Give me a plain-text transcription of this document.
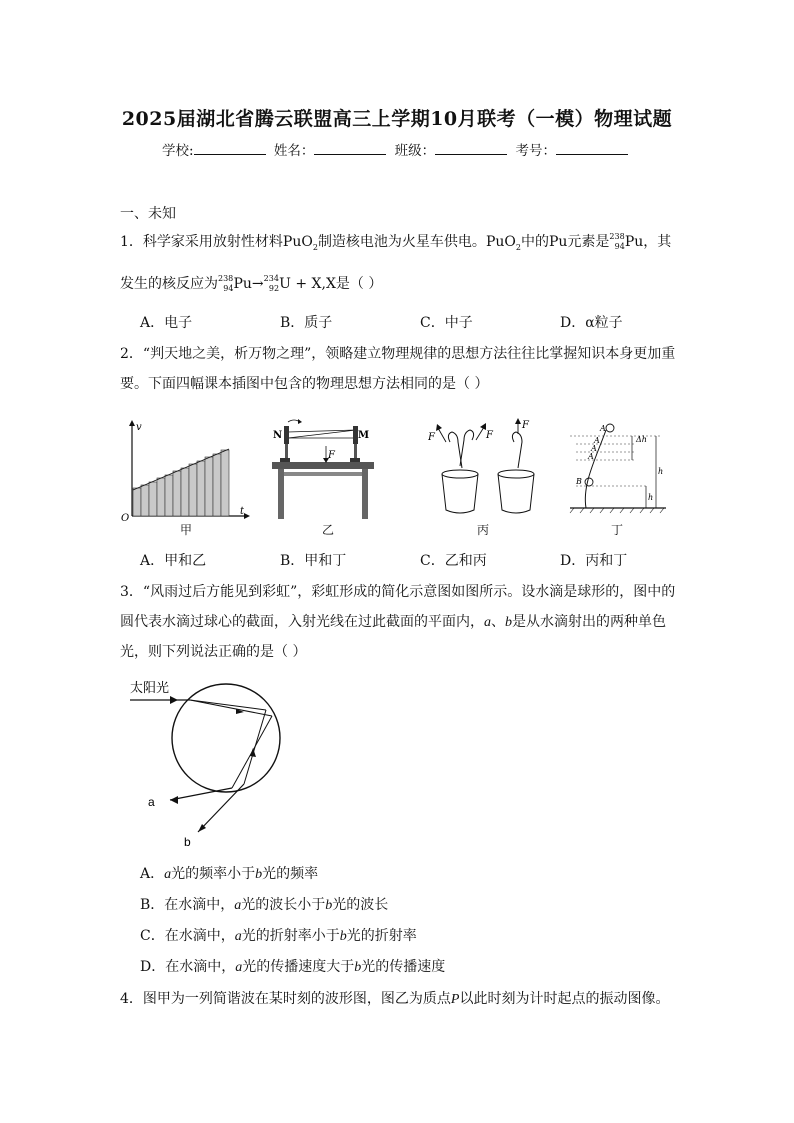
2025届湖北省腾云联盟高三上学期10月联考（一模）物理试题
学校:	姓名：	班级：	考号：
一、未知
1．科学家采用放射性材料PuO$_2$制造核电池为火星车供电。PuO$_2$中的Pu元素是$^{238}_{94}$Pu，其
发生的核反应为$^{238}_{94}$Pu→$^{234}_{92}$U + X,X是（ ）
A．电子	B．质子	C．中子	D．α粒子
2．“判天地之美，析万物之理”，领略建立物理规律的思想方法往往比掌握知识本身更加重
要。下面四幅课本插图中包含的物理思想方法相同的是（ ）
v
t
O
甲
N	M
F
乙
F	F
F
丙
A
A
A
A
B
Δh
h
h
丁
A．甲和乙	B．甲和丁	C．乙和丙	D．丙和丁
3．“风雨过后方能见到彩虹”，彩虹形成的简化示意图如图所示。设水滴是球形的，图中的
圆代表水滴过球心的截面，入射光线在过此截面的平面内，a、b是从水滴射出的两种单色
光，则下列说法正确的是（ ）
太阳光
a
b
A．a光的频率小于b光的频率
B．在水滴中，a光的波长小于b光的波长
C．在水滴中，a光的折射率小于b光的折射率
D．在水滴中，a光的传播速度大于b光的传播速度
4．图甲为一列简谐波在某时刻的波形图，图乙为质点P以此时刻为计时起点的振动图像。
